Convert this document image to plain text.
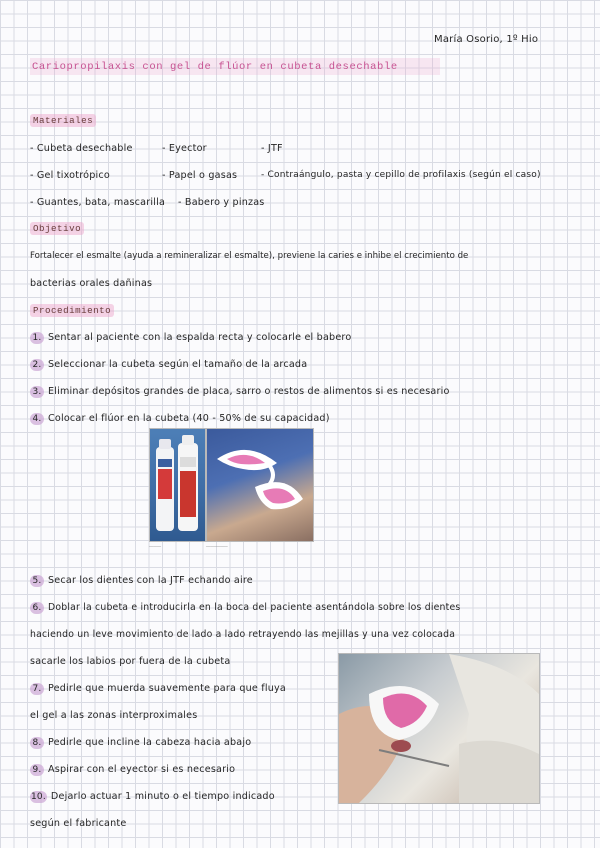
María Osorio, 1º Hio
Cariopropilaxis con gel de flúor en cubeta desechable
Materiales
- Cubeta desechable	- Eyector	- JTF
- Gel tixotrópico	- Papel o gasas	- Contraángulo, pasta y cepillo de profilaxis (según el caso)
- Guantes, bata, mascarilla - Babero y pinzas
Objetivo
Fortalecer el esmalte (ayuda a remineralizar el esmalte), previene la caries e inhibe el crecimiento de
bacterias orales dañinas
Procedimiento
1. Sentar al paciente con la espalda recta y colocarle el babero
2. Seleccionar la cubeta según el tamaño de la arcada
3. Eliminar depósitos grandes de placa, sarro o restos de alimentos si es necesario
4. Colocar el flúor en la cubeta (40 - 50% de su capacidad)
─────	─────────
5. Secar los dientes con la JTF echando aire
6. Doblar la cubeta e introducirla en la boca del paciente asentándola sobre los dientes
haciendo un leve movimiento de lado a lado retrayendo las mejillas y una vez colocada
sacarle los labios por fuera de la cubeta
7. Pedirle que muerda suavemente para que fluya
el gel a las zonas interproximales
8. Pedirle que incline la cabeza hacia abajo
9. Aspirar con el eyector si es necesario
10. Dejarlo actuar 1 minuto o el tiempo indicado
según el fabricante
